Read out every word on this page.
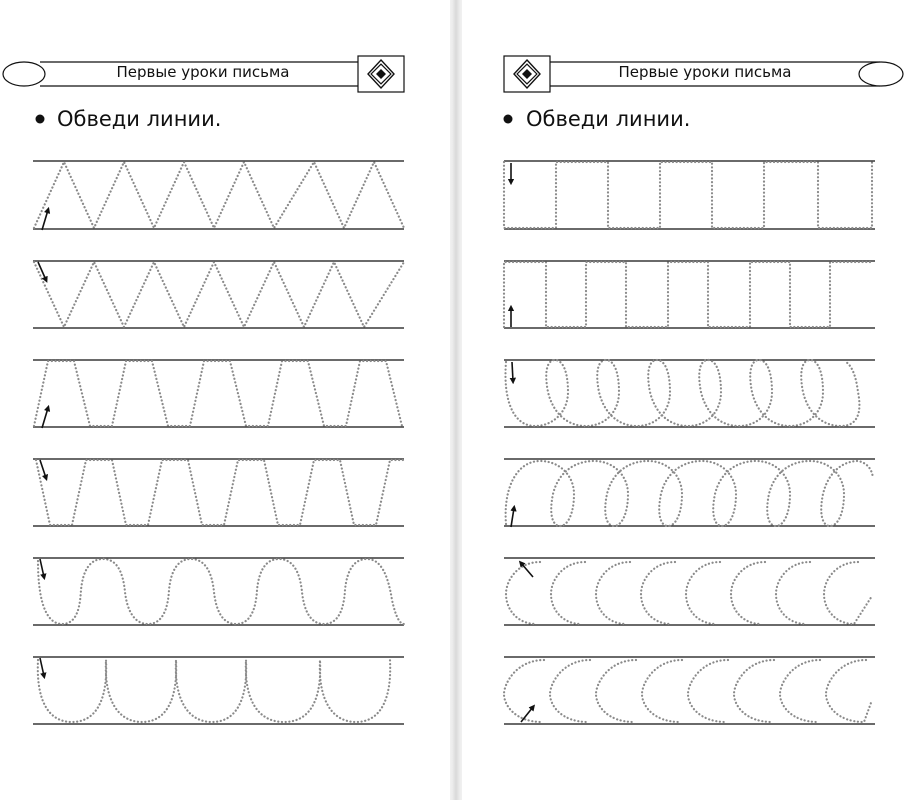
Первые уроки письма
Обведи линии.
Первые уроки письма
Обведи линии.
